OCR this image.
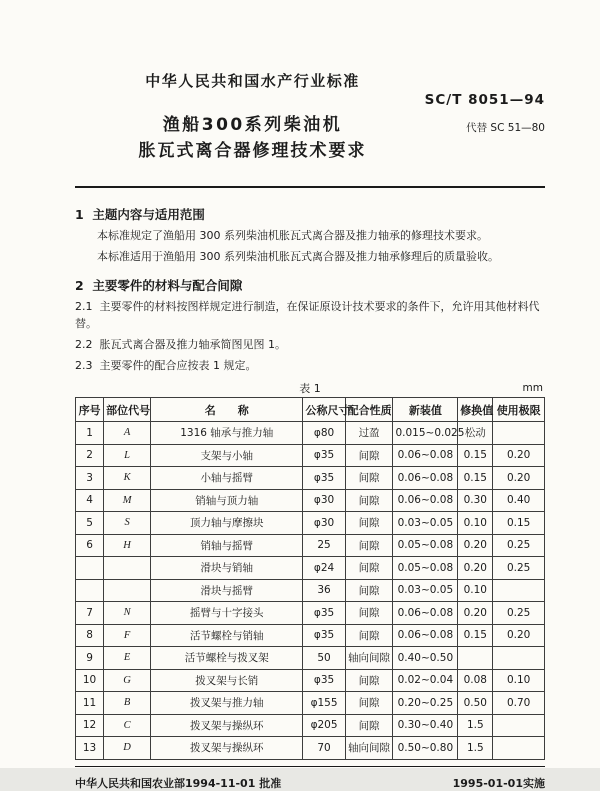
中华人民共和国水产行业标准
SC/T 8051—94
渔船300系列柴油机
胀瓦式离合器修理技术要求
代替 SC 51—80
1  主题内容与适用范围

本标准规定了渔船用 300 系列柴油机胀瓦式离合器及推力轴承的修理技术要求。

本标准适用于渔船用 300 系列柴油机胀瓦式离合器及推力轴承修理后的质量验收。

2  主要零件的材料与配合间隙

2.1  主要零件的材料按图样规定进行制造，在保证原设计技术要求的条件下，允许用其他材料代替。

2.2  胀瓦式离合器及推力轴承简图见图 1。

2.3  主要零件的配合应按表 1 规定。

表 1	mm
序号	部位代号	名　　称	公称尺寸	配合性质	新装值	修换值	使用极限
1	A	1316 轴承与推力轴	φ80	过盈	0.015~0.025	松动	
2	L	支架与小轴	φ35	间隙	0.06~0.08	0.15	0.20
3	K	小轴与摇臂	φ35	间隙	0.06~0.08	0.15	0.20
4	M	销轴与顶力轴	φ30	间隙	0.06~0.08	0.30	0.40
5	S	顶力轴与摩擦块	φ30	间隙	0.03~0.05	0.10	0.15
6	H	销轴与摇臂	25	间隙	0.05~0.08	0.20	0.25
		滑块与销轴	φ24	间隙	0.05~0.08	0.20	0.25
		滑块与摇臂	36	间隙	0.03~0.05	0.10	
7	N	摇臂与十字接头	φ35	间隙	0.06~0.08	0.20	0.25
8	F	活节螺栓与销轴	φ35	间隙	0.06~0.08	0.15	0.20
9	E	活节螺栓与拨叉架	50	轴向间隙	0.40~0.50		
10	G	拨叉架与长销	φ35	间隙	0.02~0.04	0.08	0.10
11	B	拨叉架与推力轴	φ155	间隙	0.20~0.25	0.50	0.70
12	C	拨叉架与操纵环	φ205	间隙	0.30~0.40	1.5	
13	D	拨叉架与操纵环	70	轴向间隙	0.50~0.80	1.5	
中华人民共和国农业部1994-11-01 批准	1995-01-01实施
